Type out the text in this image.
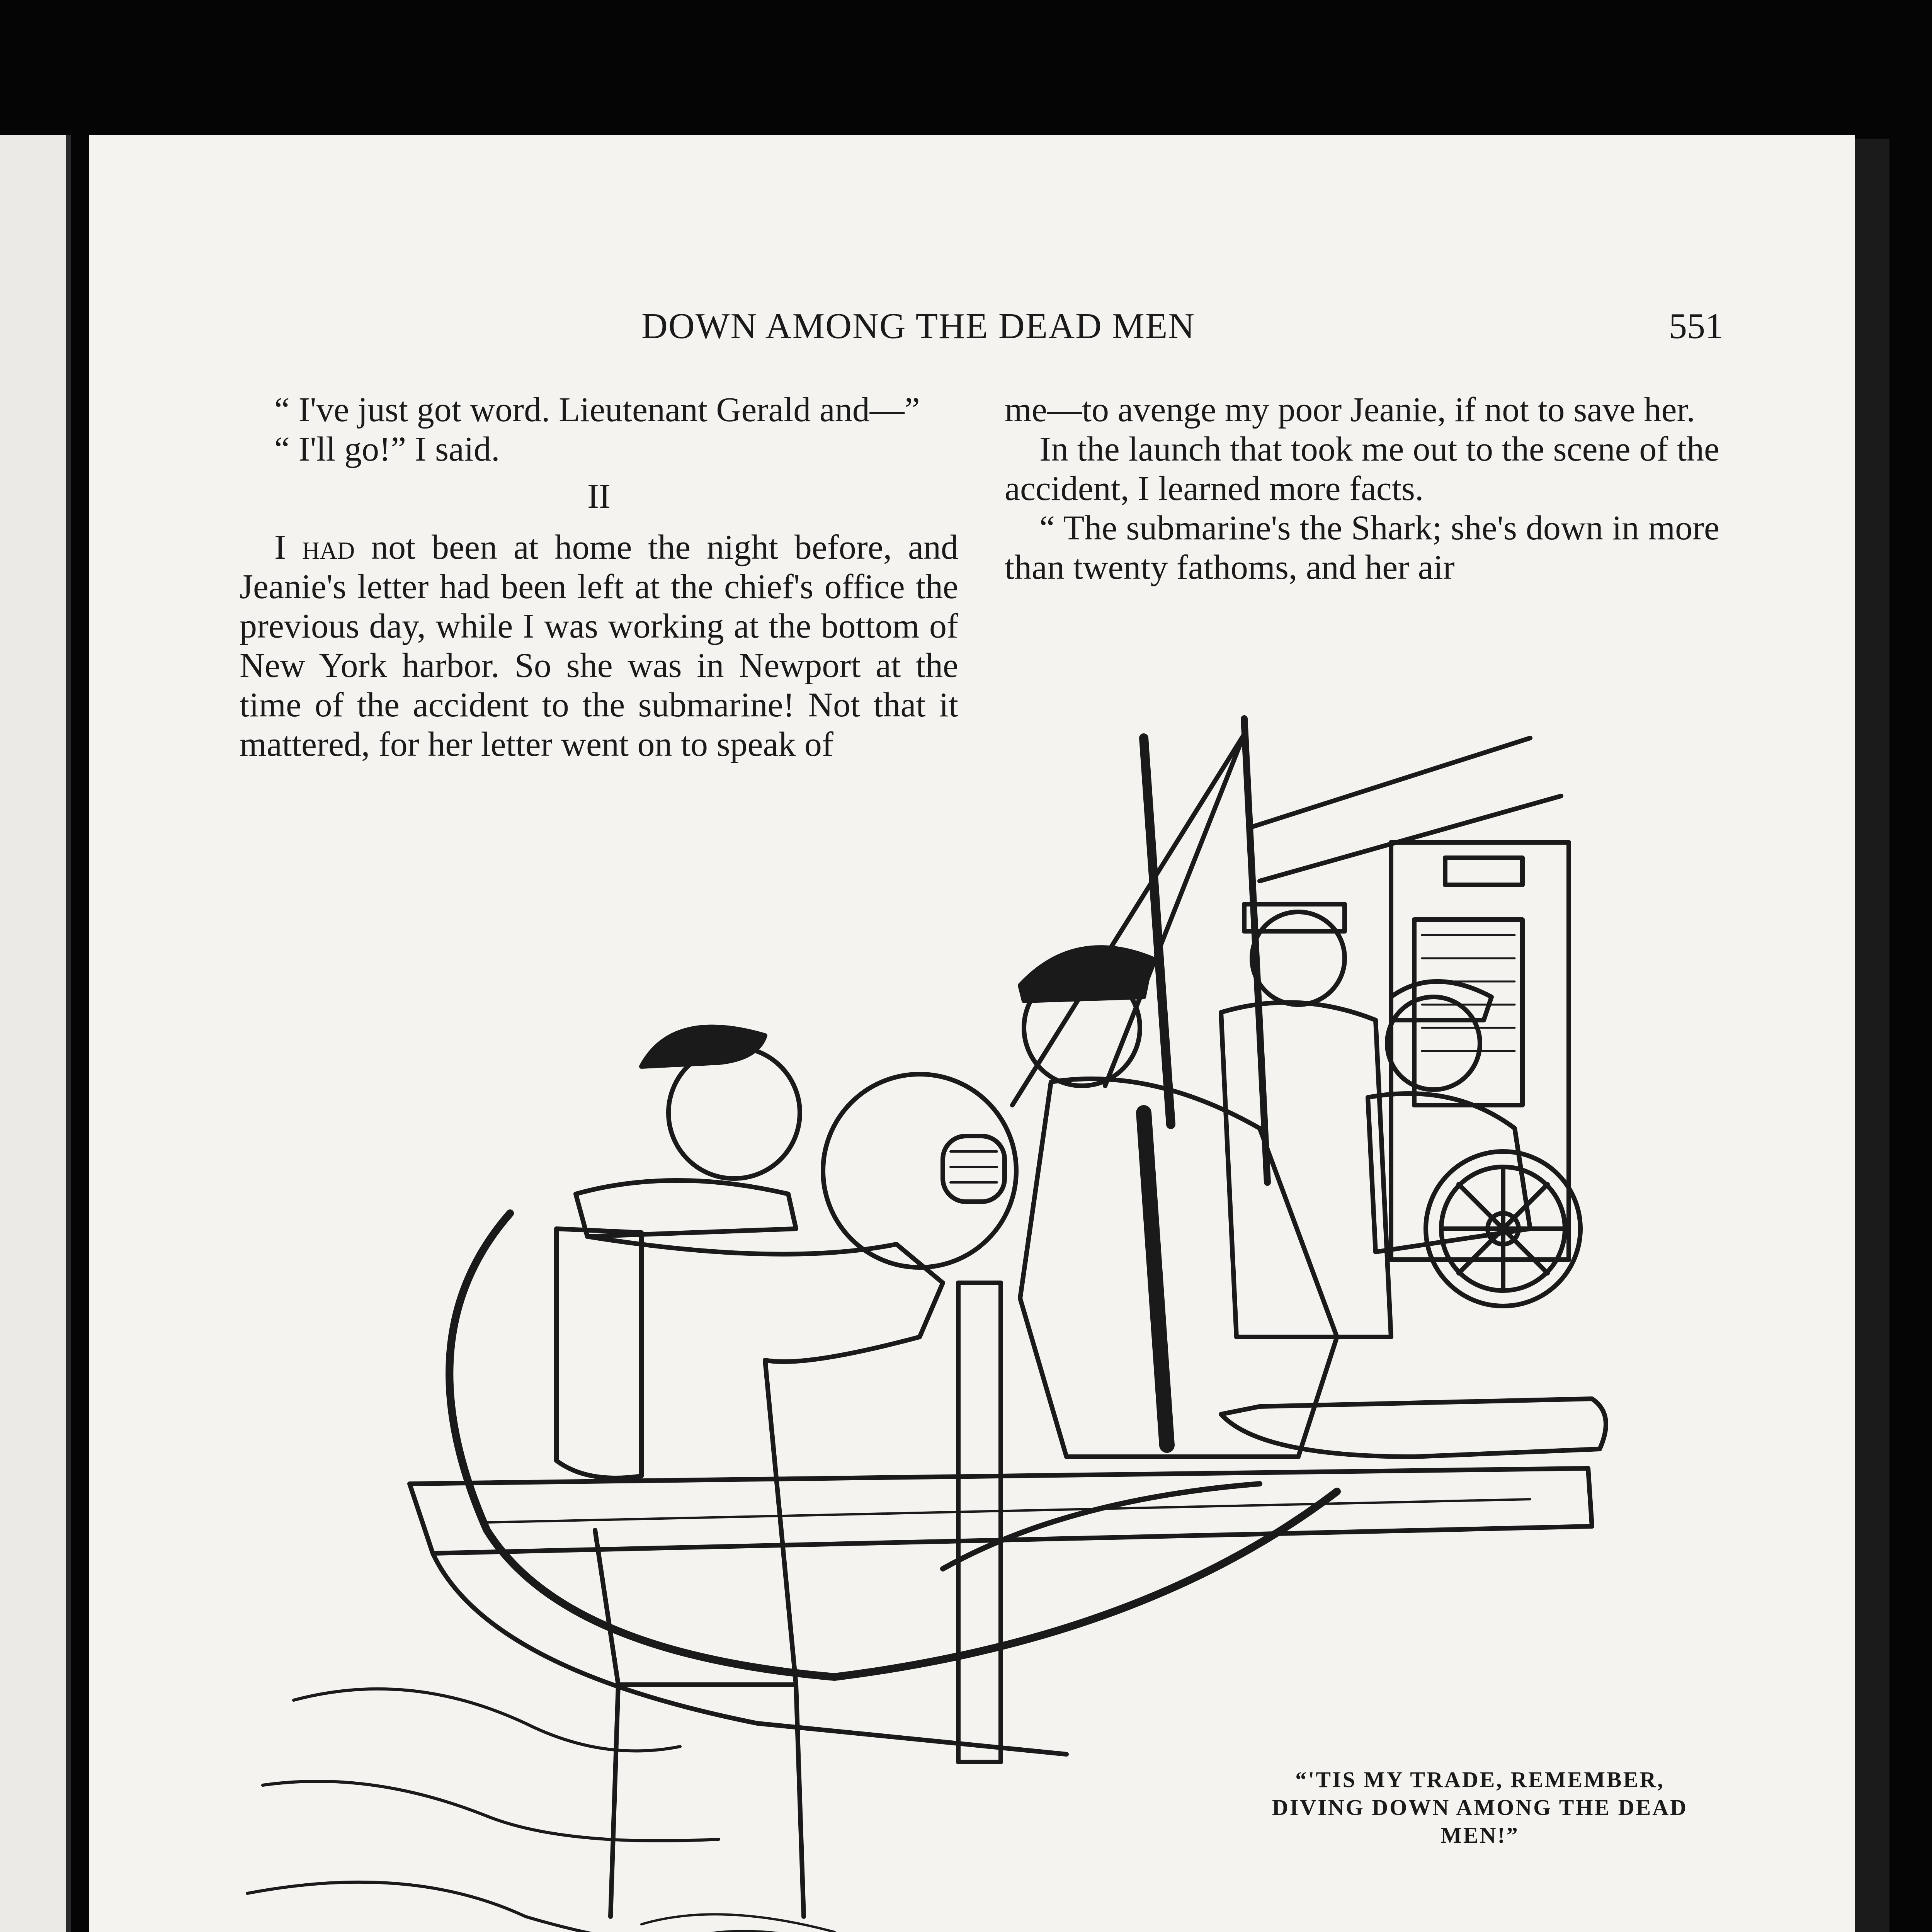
DOWN AMONG THE DEAD MEN	551

“ I've just got word. Lieutenant Gerald and—”

“ I'll go!” I said.

II

I had not been at home the night before, and Jeanie's letter had been left at the chief's office the previous day, while I was working at the bottom of New York harbor. So she was in Newport at the time of the accident to the submarine! Not that it mattered, for her letter went on to speak of

me—to avenge my poor Jeanie, if not to save her.

In the launch that took me out to the scene of the accident, I learned more facts.

“ The submarine's the Shark; she's down in more than twenty fathoms, and her air

“'TIS MY TRADE, REMEMBER, DIVING DOWN AMONG THE DEAD MEN!”
